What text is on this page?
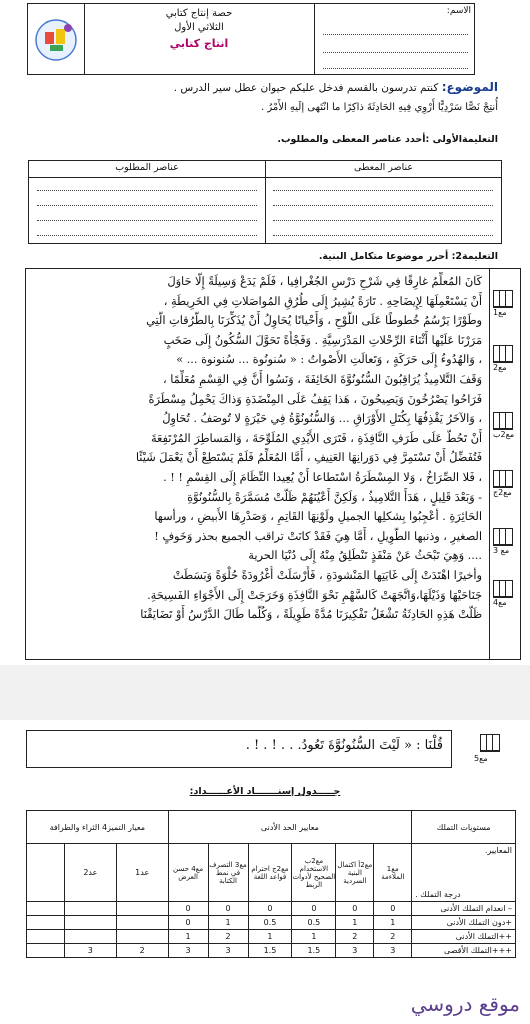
حصة إنتاج كتابي
الثلاثي الأول
انتاج كتابي
الاسم:
الموضوع: كنتم تدرسون بالقسم فدخل عليكم حيوان عطل سير الدرس .
أُنتِجْ نَصًّا سَرْدِيًّا أَرْوِي فِيهِ الحَادِثَةَ ذاكِرًا ما انْتَهى إلَيهِ الأَمْرُ .
التعليمةالأولى :أحدد عناصر المعطى والمطلوب.
عناصر المطلوب	عناصر المعطى
التعليمة2: أحرر موضوعا متكامل البنية.
مع1
مع2
مع2ب
مع2ج
مع 3
مع4
كَانَ المُعلِّمُ غارِقًا فِي شَرْحِ دَرْسِ الجُغْرافِيا ، فَلَمْ يَدَعْ وَسِيلَةً إِلّا حَاوَلَ
أَنْ يَسْتَعْمِلَهَا لِإِيضَاحِهِ . تَارَةً يُشِيرُ إِلَى طُرُقِ المُواصَلاتِ فِي الخَرِيطَةِ ،
وطَوْرًا يَرْسُمُ خُطوطًا عَلَى اللَّوْحِ ، وَأَحْيانًا يُحَاوِلُ أَنْ يُذَكِّرَنَا بِالطُّرُقاتِ الَّتِي
مَرَرْنَا عَلَيْها أَثْنَاءَ الرِّحْلاتِ المَدْرَسِيَّةِ . وَفَجْأَةً تَحَوَّلَ السُّكُونُ إِلَى صَخَبٍ
، وَالهُدُوءُ إِلَى حَرَكَةٍ ، وَتَعالَتِ الأَصْواتُ : « سُنونُوة ... سُنونوة ... »
وَقَفَ التَّلامِيذُ يُرَاقِبُونَ السُّنُونُوَّةَ الخَائِفَةَ ، وَنَسُوا أَنَّ فِي القِسْمِ مُعَلِّمًا ،
فَرَاحُوا يَصْرُخُونَ وَيَصِيحُونَ ، هَذا يَقِفُ عَلَى المِنْضَدَةِ وَذاكَ يَحْمِلُ مِسْطَرَةً
، وَالآخَرُ يَقْذِفُهَا بِكُتَلِ الأَوْرَاقِ ... وَالسُّنُونُوَّةُ فِي حَيْرَةٍ لا تُوصَفُ . تُحَاوِلُ
أَنْ تَحُطَّ عَلَى طَرَفِ النَّافِذَةِ ، فَتَرَى الأَيْدِي المُلَوِّحَةَ ، وَالمَساطِرَ المُرْتَفِعَةَ
فَتُفَضِّلُ أَنْ تَسْتَمِرَّ فِي دَوَرانِهَا العَنِيفِ ، أَمَّا المُعَلِّمُ فَلَمْ يَسْتَطِعْ أَنْ يَعْمَلَ شَيْئًا
، فَلا الصِّرَاخُ ، وَلا المِسْطَرَةُ اسْتَطاعا أَنْ يُعِيدا النِّظَامَ إِلَى القِسْمِ ! ! .
- وَبَعْدَ قَلِيلٍ ، هَدَأَ التَّلامِيذُ ، وَلَكِنَّ أَعْيُنَهُمْ ظَلَّتْ مُسَمَّرَةً بِالسُّنُونُوَّةِ
الحَائِرَةِ . أعْجِبُوا بِشكلِها الجميلِ ولَوْنِهَا القَاتِمِ ، وَصَدْرِهَا الأَبيضِ ، ورأسها
الصغيرِ ، وذنبها الطَّوِيلِ ، أَمَّا هِيَ فَقَدْ كانَتْ تراقب الجميع بحذر وَخَوفٍ !
.... وَهِيَ تَبْحَثُ عَنْ مَنْفَذٍ تَنْطَلِقُ مِنْهُ إِلَى دُنْيَا الحرية
وأخيرًا اهْتَدَتْ إِلَى غَايَتِها المَنْشودَةِ ، فَأَرْسَلَتْ أُغْرُودَةً حُلْوَةً وَبَسَطَتْ
جَنَاحَيْهَا وَذَيْلَهَا،وَاتَّجَهَتْ كَالسَّهْمِ نَحْوَ النَّافِذَةِ وَخَرَجَتْ إِلَى الأَجْوَاءِ الفَسِيحَةِ.
ظَلَّتْ هَذِهِ الحَادِثَةُ تَشْغَلُ تَفْكِيرَنَا مُدَّةً طَوِيلَةً ، وَكُلَّما طَالَ الدَّرْسُ أَوْ تَضَايَقْنَا
قُلْنَا : « لَيْتَ السُّنُونُوَّةَ تَعُودُ. . . ! . ! .
مع5
جـــــدول إسنـــــــاد الأعــــــداد:
مستويات التملك	معايير الحد الأدنى						معيار التميز4 الثراء والطرافة		

المعايير.
درجة التملك .	مع1 الملاءمة	مع2أ اكتمال البنية السردية	مع2ب الاستخدام الصحيح لأدوات الربط	مع2ج احترام قواعد اللغة	مع3 التصرف في نمط الكتابة	مع4 حسن العرض	عد1	عد2	
– انعدام التملك الأدنى	0	0	0	0	0	0			
+دون التملك الأدنى	1	1	0.5	0.5	1	0			
++التملك الأدنى	2	2	1	1	2	1			
+++التملك الأقصى	3	3	1.5	1.5	3	3	2	3	
موقع دروسي
